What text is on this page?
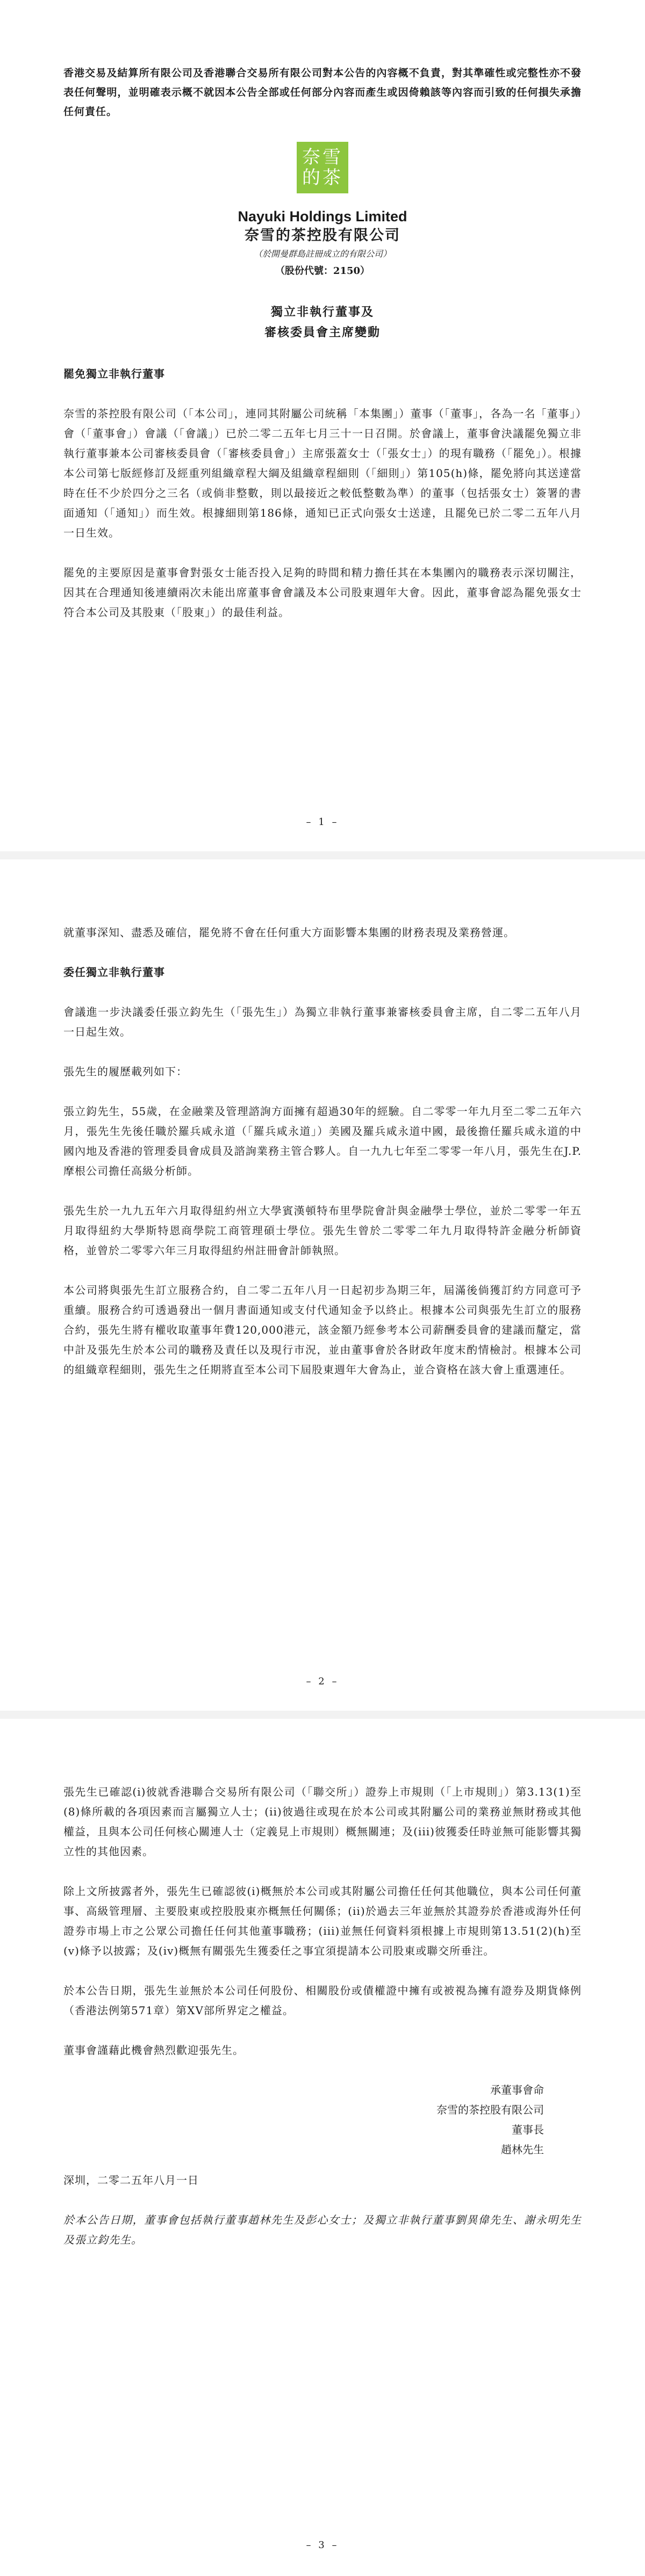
香港交易及結算所有限公司及香港聯合交易所有限公司對本公告的內容概不負責，對其準確性或完整性亦不發表任何聲明，並明確表示概不就因本公告全部或任何部分內容而產生或因倚賴該等內容而引致的任何損失承擔任何責任。

奈雪
的茶
Nayuki Holdings Limited
奈雪的茶控股有限公司
（於開曼群島註冊成立的有限公司）
（股份代號：2150）
獨立非執行董事及
審核委員會主席變動
罷免獨立非執行董事

奈雪的茶控股有限公司（「本公司」，連同其附屬公司統稱「本集團」）董事（「董事」，各為一名「董事」）會（「董事會」）會議（「會議」）已於二零二五年七月三十一日召開。於會議上，董事會決議罷免獨立非執行董事兼本公司審核委員會（「審核委員會」）主席張蓋女士（「張女士」）的現有職務（「罷免」）。根據本公司第七版經修訂及經重列組織章程大綱及組織章程細則（「細則」）第105(h)條，罷免將向其送達當時在任不少於四分之三名（或倘非整數，則以最接近之較低整數為準）的董事（包括張女士）簽署的書面通知（「通知」）而生效。根據細則第186條，通知已正式向張女士送達，且罷免已於二零二五年八月一日生效。

罷免的主要原因是董事會對張女士能否投入足夠的時間和精力擔任其在本集團內的職務表示深切關注，因其在合理通知後連續兩次未能出席董事會會議及本公司股東週年大會。因此，董事會認為罷免張女士符合本公司及其股東（「股東」）的最佳利益。

– 1 –

就董事深知、盡悉及確信，罷免將不會在任何重大方面影響本集團的財務表現及業務營運。

委任獨立非執行董事

會議進一步決議委任張立鈞先生（「張先生」）為獨立非執行董事兼審核委員會主席，自二零二五年八月一日起生效。

張先生的履歷載列如下：

張立鈞先生，55歲，在金融業及管理諮詢方面擁有超過30年的經驗。自二零零一年九月至二零二五年六月，張先生先後任職於羅兵咸永道（「羅兵咸永道」）美國及羅兵咸永道中國，最後擔任羅兵咸永道的中國內地及香港的管理委員會成員及諮詢業務主管合夥人。自一九九七年至二零零一年八月，張先生在J.P.摩根公司擔任高級分析師。

張先生於一九九五年六月取得紐約州立大學賓漢頓特布里學院會計與金融學士學位，並於二零零一年五月取得紐約大學斯特恩商學院工商管理碩士學位。張先生曾於二零零二年九月取得特許金融分析師資格，並曾於二零零六年三月取得紐約州註冊會計師執照。

本公司將與張先生訂立服務合約，自二零二五年八月一日起初步為期三年，屆滿後倘獲訂約方同意可予重續。服務合約可透過發出一個月書面通知或支付代通知金予以終止。根據本公司與張先生訂立的服務合約，張先生將有權收取董事年費120,000港元，該金額乃經參考本公司薪酬委員會的建議而釐定，當中計及張先生於本公司的職務及責任以及現行市況，並由董事會於各財政年度末酌情檢討。根據本公司的組織章程細則，張先生之任期將直至本公司下屆股東週年大會為止，並合資格在該大會上重選連任。

– 2 –

張先生已確認(i)彼就香港聯合交易所有限公司（「聯交所」）證券上市規則（「上市規則」）第3.13(1)至(8)條所載的各項因素而言屬獨立人士；(ii)彼過往或現在於本公司或其附屬公司的業務並無財務或其他權益，且與本公司任何核心關連人士（定義見上市規則）概無關連；及(iii)彼獲委任時並無可能影響其獨立性的其他因素。

除上文所披露者外，張先生已確認彼(i)概無於本公司或其附屬公司擔任任何其他職位，與本公司任何董事、高級管理層、主要股東或控股股東亦概無任何關係；(ii)於過去三年並無於其證券於香港或海外任何證券市場上市之公眾公司擔任任何其他董事職務；(iii)並無任何資料須根據上市規則第13.51(2)(h)至(v)條予以披露；及(iv)概無有關張先生獲委任之事宜須提請本公司股東或聯交所垂注。

於本公告日期，張先生並無於本公司任何股份、相關股份或債權證中擁有或被視為擁有證券及期貨條例（香港法例第571章）第XV部所界定之權益。

董事會謹藉此機會熱烈歡迎張先生。

承董事會命
奈雪的茶控股有限公司
董事長
趙林先生

深圳，二零二五年八月一日

於本公告日期，董事會包括執行董事趙林先生及彭心女士；及獨立非執行董事劉異偉先生、謝永明先生及張立鈞先生。

– 3 –
